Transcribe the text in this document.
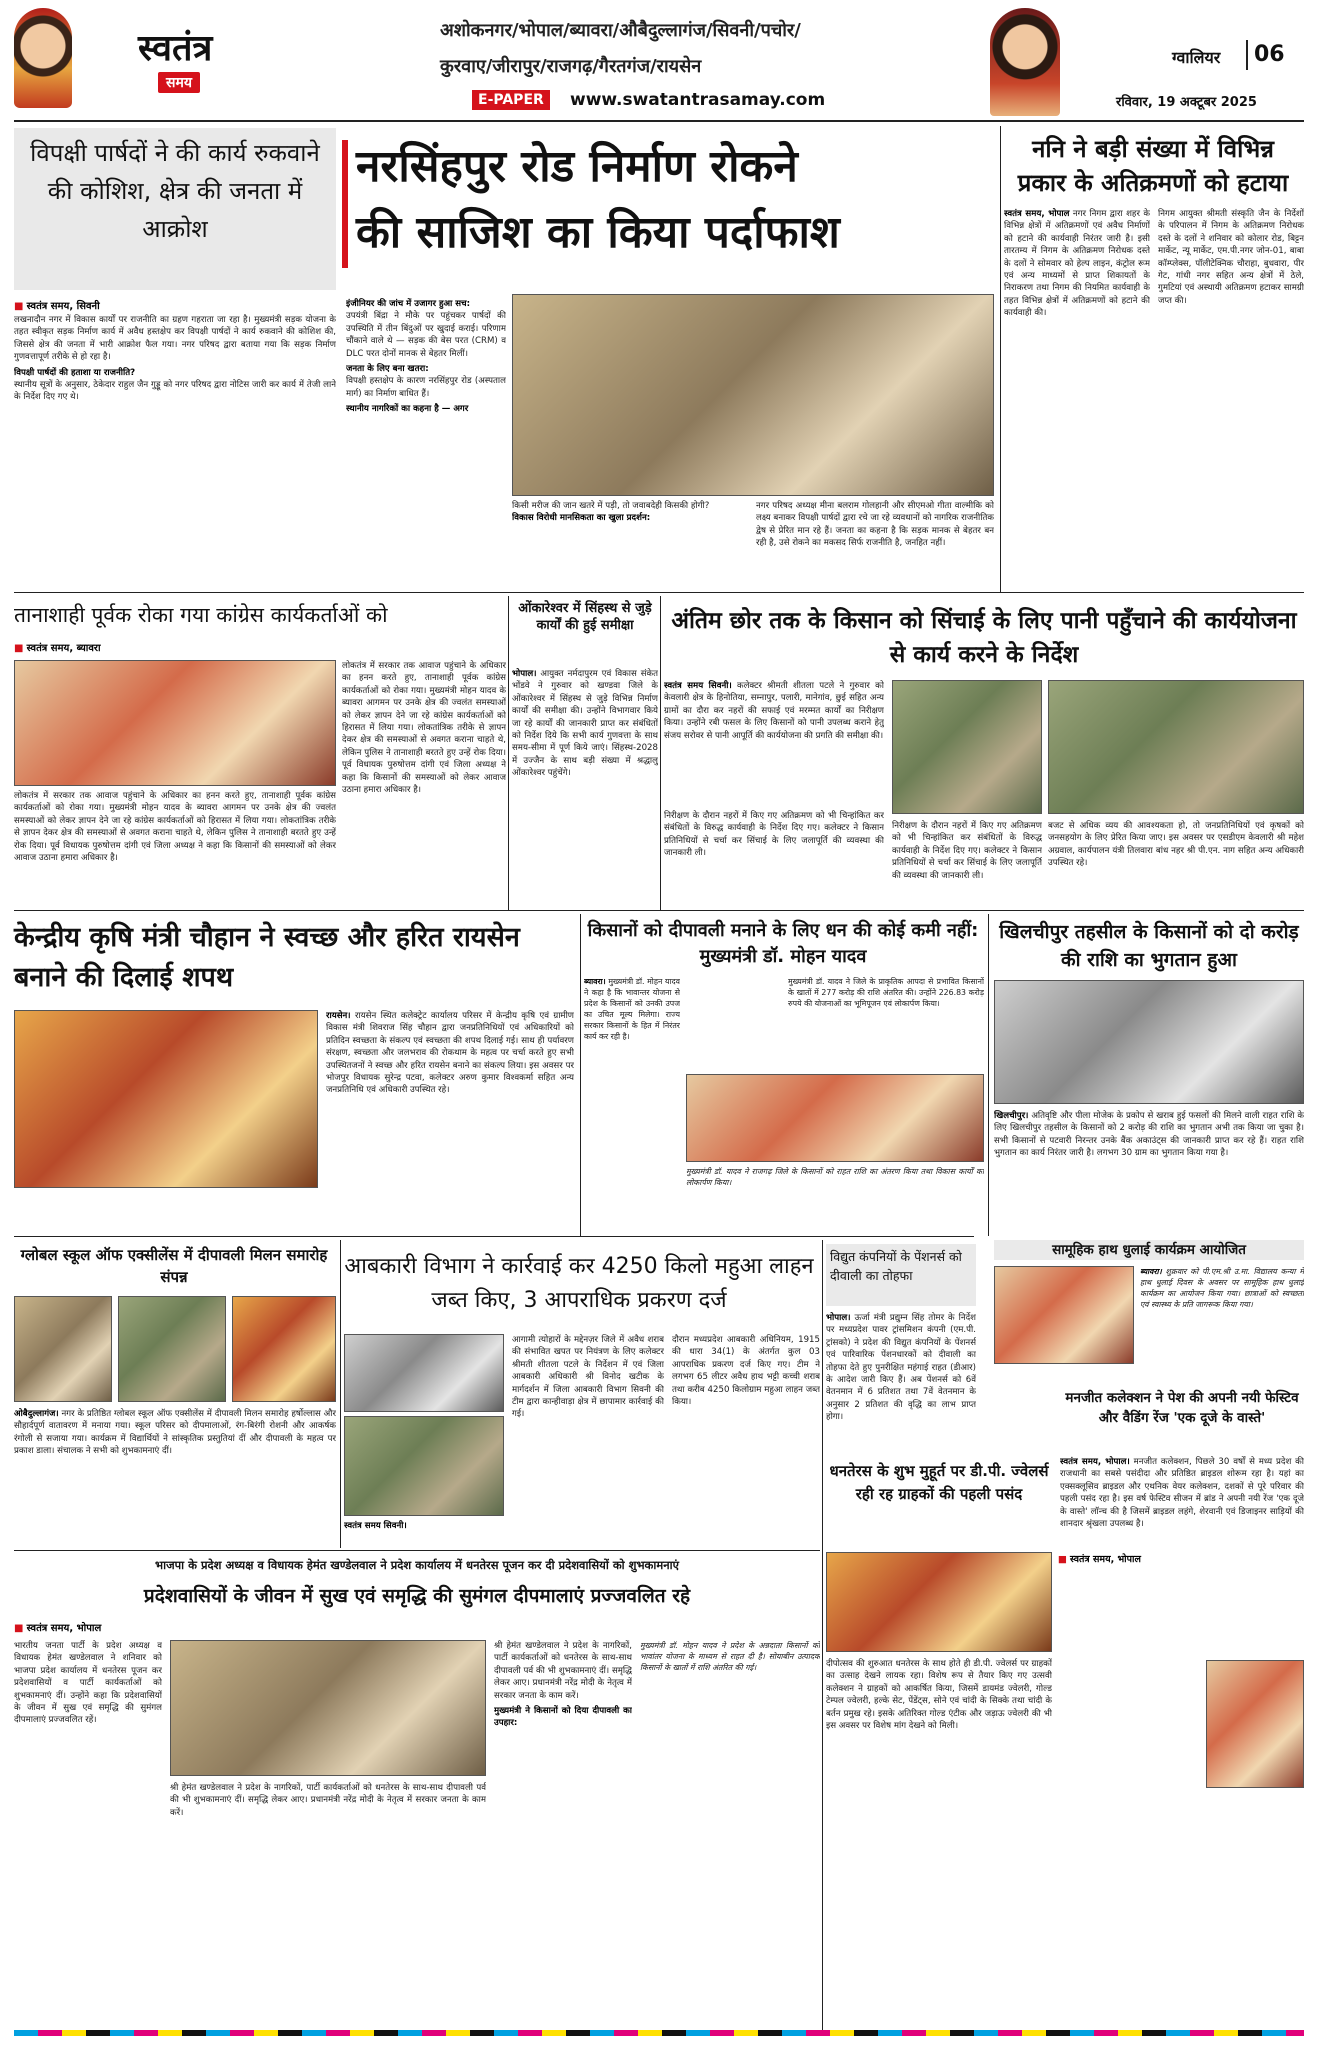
स्वतंत्र
समय
अशोकनगर/भोपाल/ब्यावरा/औबैदुल्लागंज/सिवनी/पचोर/
कुरवाए/जीरापुर/राजगढ़/गैरतगंज/रायसेन
E-PAPER	www.swatantrasamay.com
ग्वालियर 06
रविवार, 19 अक्टूबर 2025
विपक्षी पार्षदों ने की कार्य रुकवाने की कोशिश, क्षेत्र की जनता में आक्रोश
■ स्वतंत्र समय, सिवनी
लखनादौन नगर में विकास कार्यों पर राजनीति का ग्रहण गहराता जा रहा है। मुख्यमंत्री सड़क योजना के तहत स्वीकृत सड़क निर्माण कार्य में अवैध हस्तक्षेप कर विपक्षी पार्षदों ने कार्य रुकवाने की कोशिश की, जिससे क्षेत्र की जनता में भारी आक्रोश फैल गया। नगर परिषद द्वारा बताया गया कि सड़क निर्माण गुणवत्तापूर्ण तरीके से हो रहा है।
विपक्षी पार्षदों की हताशा या राजनीति?
स्थानीय सूत्रों के अनुसार, ठेकेदार राहुल जैन गुड्डू को नगर परिषद द्वारा नोटिस जारी कर कार्य में तेजी लाने के निर्देश दिए गए थे।
इंजीनियर की जांच में उजागर हुआ सच:
उपयंत्री बिंद्रा ने मौके पर पहुंचकर पार्षदों की उपस्थिति में तीन बिंदुओं पर खुदाई कराई। परिणाम चौंकाने वाले थे — सड़क की बेस परत (CRM) व DLC परत दोनों मानक से बेहतर मिलीं।
जनता के लिए बना खतरा:
विपक्षी हस्तक्षेप के कारण नरसिंहपुर रोड (अस्पताल मार्ग) का निर्माण बाधित हैं।
स्थानीय नागरिकों का कहना है — अगर
नरसिंहपुर रोड निर्माण रोकने
की साजिश का किया पर्दाफाश
किसी मरीज की जान खतरे में पड़ी, तो जवाबदेही किसकी होगी?
विकास विरोधी मानसिकता का खुला प्रदर्शन:
नगर परिषद अध्यक्ष मीना बलराम गोलहानी और सीएमओ गीता वाल्मीकि को लक्ष्य बनाकर विपक्षी पार्षदों द्वारा रचे जा रहे व्यवधानों को नागरिक राजनीतिक द्वेष से प्रेरित मान रहे हैं। जनता का कहना है कि सड़क मानक से बेहतर बन रही है, उसे रोकने का मकसद सिर्फ राजनीति है, जनहित नहीं।
ननि ने बड़ी संख्या में विभिन्न प्रकार के अतिक्रमणों को हटाया
स्वतंत्र समय, भोपाल नगर निगम द्वारा शहर के विभिन्न क्षेत्रों में अतिक्रमणों एवं अवैध निर्माणों को हटाने की कार्यवाही निरंतर जारी है। इसी तारतम्य में निगम के अतिक्रमण निरोधक दस्ते के दलों ने सोमवार को हेल्प लाइन, कंट्रोल रूम एवं अन्य माध्यमों से प्राप्त शिकायतों के निराकरण तथा निगम की नियमित कार्यवाही के तहत विभिन्न क्षेत्रों में अतिक्रमणों को हटाने की कार्यवाही की।
निगम आयुक्त श्रीमती संस्कृति जैन के निर्देशों के परिपालन में निगम के अतिक्रमण निरोधक दस्ते के दलों ने शनिवार को कोलार रोड, बिट्टन मार्केट, न्यू मार्केट, एम.पी.नगर जोन-01, बाबा कॉम्प्लेक्स, पॉलीटेक्निक चौराहा, बुधवारा, पीर गेट, गांधी नगर सहित अन्य क्षेत्रों में ठेले, गुमटियां एवं अस्थायी अतिक्रमण हटाकर सामग्री जप्त की।
तानाशाही पूर्वक रोका गया कांग्रेस कार्यकर्ताओं को
■ स्वतंत्र समय, ब्यावरा
लोकतंत्र में सरकार तक आवाज पहुंचाने के अधिकार का हनन करते हुए, तानाशाही पूर्वक कांग्रेस कार्यकर्ताओं को रोका गया। मुख्यमंत्री मोहन यादव के ब्यावरा आगमन पर उनके क्षेत्र की ज्वलंत समस्याओं को लेकर ज्ञापन देने जा रहे कांग्रेस कार्यकर्ताओं को हिरासत में लिया गया। लोकतांत्रिक तरीके से ज्ञापन देकर क्षेत्र की समस्याओं से अवगत कराना चाहते थे, लेकिन पुलिस ने तानाशाही बरतते हुए उन्हें रोक दिया। पूर्व विधायक पुरुषोत्तम दांगी एवं जिला अध्यक्ष ने कहा कि किसानों की समस्याओं को लेकर आवाज उठाना हमारा अधिकार है।
लोकतंत्र में सरकार तक आवाज पहुंचाने के अधिकार का हनन करते हुए, तानाशाही पूर्वक कांग्रेस कार्यकर्ताओं को रोका गया। मुख्यमंत्री मोहन यादव के ब्यावरा आगमन पर उनके क्षेत्र की ज्वलंत समस्याओं को लेकर ज्ञापन देने जा रहे कांग्रेस कार्यकर्ताओं को हिरासत में लिया गया। लोकतांत्रिक तरीके से ज्ञापन देकर क्षेत्र की समस्याओं से अवगत कराना चाहते थे, लेकिन पुलिस ने तानाशाही बरतते हुए उन्हें रोक दिया। पूर्व विधायक पुरुषोत्तम दांगी एवं जिला अध्यक्ष ने कहा कि किसानों की समस्याओं को लेकर आवाज उठाना हमारा अधिकार है।
ओंकारेश्वर में सिंहस्थ से जुड़े कार्यों की हुई समीक्षा
भोपाल। आयुक्त नर्मदापुरम एवं विकास संकेत भोंडवे ने गुरुवार को खण्डवा जिले के ओंकारेश्वर में सिंहस्थ से जुड़े विभिन्न निर्माण कार्यों की समीक्षा की। उन्होंने विभागवार किये जा रहे कार्यों की जानकारी प्राप्त कर संबंधितों को निर्देश दिये कि सभी कार्य गुणवत्ता के साथ समय-सीमा में पूर्ण किये जाएं। सिंहस्थ-2028 में उज्जैन के साथ बड़ी संख्या में श्रद्धालु ओंकारेश्वर पहुंचेंगे।
अंतिम छोर तक के किसान को सिंचाई के लिए पानी पहुँचाने की कार्ययोजना से कार्य करने के निर्देश
स्वतंत्र समय सिवनी। कलेक्टर श्रीमती शीतला पटले ने गुरुवार को केवलारी क्षेत्र के हिनोतिया, सम्नापुर, पलारी, मानेगांव, छुई सहित अन्य ग्रामों का दौरा कर नहरों की सफाई एवं मरम्मत कार्यों का निरीक्षण किया। उन्होंने रबी फसल के लिए किसानों को पानी उपलब्ध कराने हेतु संजय सरोवर से पानी आपूर्ति की कार्ययोजना की प्रगति की समीक्षा की।
निरीक्षण के दौरान नहरों में किए गए अतिक्रमण को भी चिन्हांकित कर संबंधितों के विरुद्ध कार्यवाही के निर्देश दिए गए। कलेक्टर ने किसान प्रतिनिधियों से चर्चा कर सिंचाई के लिए जलापूर्ति की व्यवस्था की जानकारी ली।
बजट से अधिक व्यय की आवश्यकता हो, तो जनप्रतिनिधियों एवं कृषकों को जनसहयोग के लिए प्रेरित किया जाए। इस अवसर पर एसडीएम केवलारी श्री महेश अग्रवाल, कार्यपालन यंत्री तिलवारा बांध नहर श्री पी.एन. नाग सहित अन्य अधिकारी उपस्थित रहे।
निरीक्षण के दौरान नहरों में किए गए अतिक्रमण को भी चिन्हांकित कर संबंधितों के विरुद्ध कार्यवाही के निर्देश दिए गए। कलेक्टर ने किसान प्रतिनिधियों से चर्चा कर सिंचाई के लिए जलापूर्ति की व्यवस्था की जानकारी ली।
केन्द्रीय कृषि मंत्री चौहान ने स्वच्छ और हरित रायसेन बनाने की दिलाई शपथ
रायसेन। रायसेन स्थित कलेक्ट्रेट कार्यालय परिसर में केन्द्रीय कृषि एवं ग्रामीण विकास मंत्री शिवराज सिंह चौहान द्वारा जनप्रतिनिधियों एवं अधिकारियों को प्रतिदिन स्वच्छता के संकल्प एवं स्वच्छता की शपथ दिलाई गई। साथ ही पर्यावरण संरक्षण, स्वच्छता और जलभराव की रोकथाम के महत्व पर चर्चा करते हुए सभी उपस्थितजनों ने स्वच्छ और हरित रायसेन बनाने का संकल्प लिया। इस अवसर पर भोजपुर विधायक सुरेन्द्र पटवा, कलेक्टर अरुण कुमार विश्वकर्मा सहित अन्य जनप्रतिनिधि एवं अधिकारी उपस्थित रहे।
किसानों को दीपावली मनाने के लिए धन की कोई कमी नहीं: मुख्यमंत्री डॉ. मोहन यादव
ब्यावरा। मुख्यमंत्री डॉ. मोहन यादव ने कहा है कि भावान्तर योजना से प्रदेश के किसानों को उनकी उपज का उचित मूल्य मिलेगा। राज्य सरकार किसानों के हित में निरंतर कार्य कर रही है।
मुख्यमंत्री डॉ. यादव ने जिले के प्राकृतिक आपदा से प्रभावित किसानों के खातों में 277 करोड़ की राशि अंतरित की। उन्होंने 226.83 करोड़ रुपये की योजनाओं का भूमिपूजन एवं लोकार्पण किया।
मुख्यमंत्री डॉ. यादव ने राजगढ़ जिले के किसानों को राहत राशि का अंतरण किया तथा विकास कार्यों का लोकार्पण किया।
खिलचीपुर तहसील के किसानों को दो करोड़ की राशि का भुगतान हुआ
खिलचीपुर। अतिवृष्टि और पीला मोजेक के प्रकोप से खराब हुई फसलों की मिलने वाली राहत राशि के लिए खिलचीपुर तहसील के किसानों को 2 करोड़ की राशि का भुगतान अभी तक किया जा चुका है। सभी किसानों से पटवारी निरन्तर उनके बैंक अकाउंट्स की जानकारी प्राप्त कर रहे हैं। राहत राशि भुगतान का कार्य निरंतर जारी है। लगभग 30 ग्राम का भुगतान किया गया है।
ग्लोबल स्कूल ऑफ एक्सीलेंस में दीपावली मिलन समारोह संपन्न
ओबैदुल्लागंज। नगर के प्रतिष्ठित ग्लोबल स्कूल ऑफ एक्सीलेंस में दीपावली मिलन समारोह हर्षोल्लास और सौहार्दपूर्ण वातावरण में मनाया गया। स्कूल परिसर को दीपमालाओं, रंग-बिरंगी रोशनी और आकर्षक रंगोली से सजाया गया। कार्यक्रम में विद्यार्थियों ने सांस्कृतिक प्रस्तुतियां दीं और दीपावली के महत्व पर प्रकाश डाला। संचालक ने सभी को शुभकामनाएं दीं।
आबकारी विभाग ने कार्रवाई कर 4250 किलो महुआ लाहन जब्त किए, 3 आपराधिक प्रकरण दर्ज
आगामी त्योहारों के मद्देनज़र जिले में अवैध शराब की संभावित खपत पर नियंत्रण के लिए कलेक्टर श्रीमती शीतला पटले के निर्देशन में एवं जिला आबकारी अधिकारी श्री विनोद खटीक के मार्गदर्शन में जिला आबकारी विभाग सिवनी की टीम द्वारा कान्हीवाड़ा क्षेत्र में छापामार कार्रवाई की गई।
दौरान मध्यप्रदेश आबकारी अधिनियम, 1915 की धारा 34(1) के अंतर्गत कुल 03 आपराधिक प्रकरण दर्ज किए गए। टीम ने लगभग 65 लीटर अवैध हाथ भट्टी कच्ची शराब तथा करीब 4250 किलोग्राम महुआ लाहन जब्त किया।
स्वतंत्र समय सिवनी।
विद्युत कंपनियों के पेंशनर्स को दीवाली का तोहफा
भोपाल। ऊर्जा मंत्री प्रद्युम्न सिंह तोमर के निर्देश पर मध्यप्रदेश पावर ट्रांसमिशन कंपनी (एम.पी. ट्रांसको) ने प्रदेश की विद्युत कंपनियों के पेंशनर्स एवं पारिवारिक पेंशनधारकों को दीवाली का तोहफा देते हुए पुनरीक्षित महंगाई राहत (डीआर) के आदेश जारी किए हैं। अब पेंशनर्स को 6वें वेतनमान में 6 प्रतिशत तथा 7वें वेतनमान के अनुसार 2 प्रतिशत की वृद्धि का लाभ प्राप्त होगा।
सामूहिक हाथ धुलाई कार्यक्रम आयोजित
ब्यावरा। शुक्रवार को पी.एम.श्री उ.मा. विद्यालय कन्या में हाथ धुलाई दिवस के अवसर पर सामूहिक हाथ धुलाई कार्यक्रम का आयोजन किया गया। छात्राओं को स्वच्छता एवं स्वास्थ्य के प्रति जागरूक किया गया।
धनतेरस के शुभ मुहूर्त पर डी.पी. ज्वेलर्स रही रह ग्राहकों की पहली पसंद
■ स्वतंत्र समय, भोपाल
दीपोत्सव की शुरुआत धनतेरस के साथ होते ही डी.पी. ज्वेलर्स पर ग्राहकों का उत्साह देखने लायक रहा। विशेष रूप से तैयार किए गए उत्सवी कलेक्शन ने ग्राहकों को आकर्षित किया, जिसमें डायमंड ज्वेलरी, गोल्ड टेम्पल ज्वेलरी, हल्के सेट, पेंडेंट्स, सोने एवं चांदी के सिक्के तथा चांदी के बर्तन प्रमुख रहे। इसके अतिरिक्त गोल्ड एंटीक और जड़ाऊ ज्वेलरी की भी इस अवसर पर विशेष मांग देखने को मिली।
मनजीत कलेक्शन ने पेश की अपनी नयी फेस्टिव और वैडिंग रेंज 'एक दूजे के वास्ते'
स्वतंत्र समय, भोपाल। मनजीत कलेक्शन, पिछले 30 वर्षों से मध्य प्रदेश की राजधानी का सबसे पसंदीदा और प्रतिष्ठित ब्राइडल शोरूम रहा है। यहां का एक्सक्लूसिव ब्राइडल और एथनिक वेयर कलेक्शन, दशकों से पूरे परिवार की पहली पसंद रहा है। इस वर्ष फेस्टिव सीजन में ब्रांड ने अपनी नयी रेंज 'एक दूजे के वास्ते' लॉन्च की है जिसमें ब्राइडल लहंगे, शेरवानी एवं डिजाइनर साड़ियों की शानदार श्रृंखला उपलब्ध है।
भाजपा के प्रदेश अध्यक्ष व विधायक हेमंत खण्डेलवाल ने प्रदेश कार्यालय में धनतेरस पूजन कर दी प्रदेशवासियों को शुभकामनाएं
प्रदेशवासियों के जीवन में सुख एवं समृद्धि की सुमंगल दीपमालाएं प्रज्जवलित रहे
■ स्वतंत्र समय, भोपाल
भारतीय जनता पार्टी के प्रदेश अध्यक्ष व विधायक हेमंत खण्डेलवाल ने शनिवार को भाजपा प्रदेश कार्यालय में धनतेरस पूजन कर प्रदेशवासियों व पार्टी कार्यकर्ताओं को शुभकामनाएं दीं। उन्होंने कहा कि प्रदेशवासियों के जीवन में सुख एवं समृद्धि की सुमंगल दीपमालाएं प्रज्जवलित रहें।
श्री हेमंत खण्डेलवाल ने प्रदेश के नागरिकों, पार्टी कार्यकर्ताओं को धनतेरस के साथ-साथ दीपावली पर्व की भी शुभकामनाएं दीं। समृद्धि लेकर आए। प्रधानमंत्री नरेंद्र मोदी के नेतृत्व में सरकार जनता के काम करें।
श्री हेमंत खण्डेलवाल ने प्रदेश के नागरिकों, पार्टी कार्यकर्ताओं को धनतेरस के साथ-साथ दीपावली पर्व की भी शुभकामनाएं दीं। समृद्धि लेकर आए। प्रधानमंत्री नरेंद्र मोदी के नेतृत्व में सरकार जनता के काम करें।
मुख्यमंत्री ने किसानों को दिया दीपावली का उपहार:
मुख्यमंत्री डॉ. मोहन यादव ने प्रदेश के अन्नदाता किसानों को भावांतर योजना के माध्यम से राहत दी है। सोयाबीन उत्पादक किसानों के खातों में राशि अंतरित की गई।
